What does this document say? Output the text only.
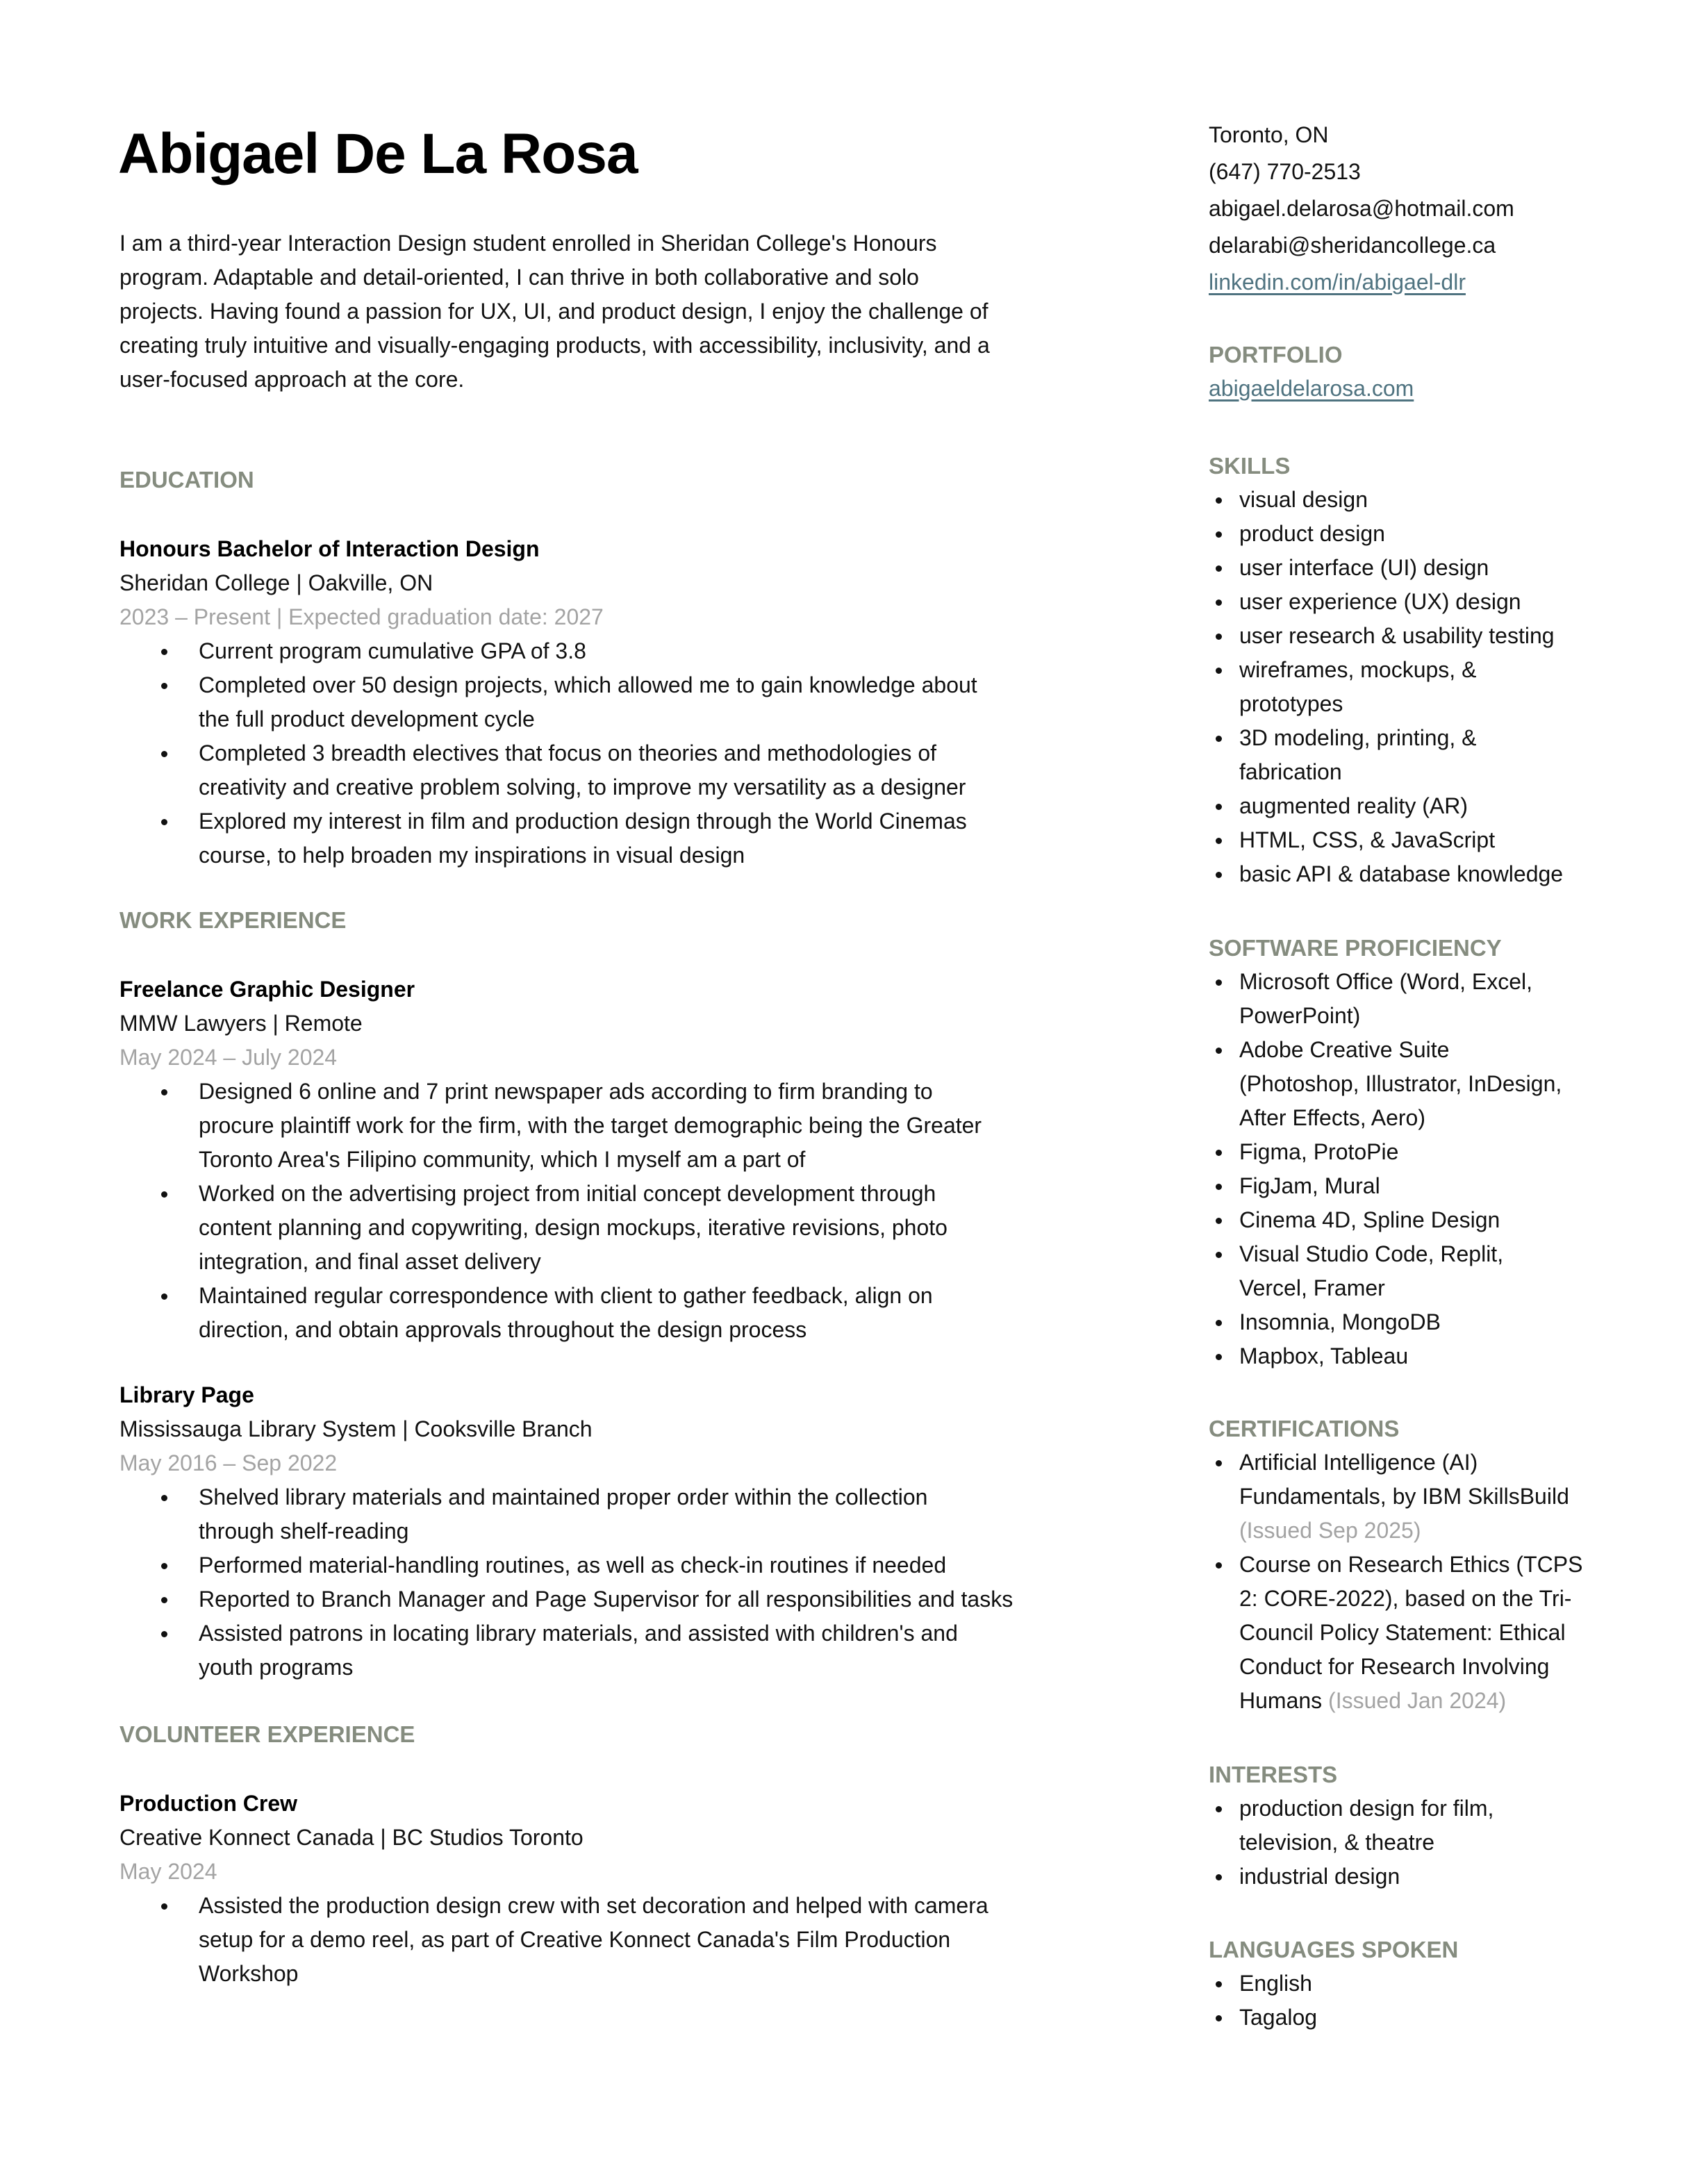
Abigael De La Rosa
I am a third-year Interaction Design student enrolled in Sheridan College's Honours
program. Adaptable and detail-oriented, I can thrive in both collaborative and solo
projects. Having found a passion for UX, UI, and product design, I enjoy the challenge of
creating truly intuitive and visually-engaging products, with accessibility, inclusivity, and a
user-focused approach at the core.
EDUCATION
Honours Bachelor of Interaction Design
Sheridan College | Oakville, ON
2023 – Present | Expected graduation date: 2027
Current program cumulative GPA of 3.8
Completed over 50 design projects, which allowed me to gain knowledge about
the full product development cycle
Completed 3 breadth electives that focus on theories and methodologies of
creativity and creative problem solving, to improve my versatility as a designer
Explored my interest in film and production design through the World Cinemas
course, to help broaden my inspirations in visual design
WORK EXPERIENCE
Freelance Graphic Designer
MMW Lawyers | Remote
May 2024 – July 2024
Designed 6 online and 7 print newspaper ads according to firm branding to
procure plaintiff work for the firm, with the target demographic being the Greater
Toronto Area's Filipino community, which I myself am a part of
Worked on the advertising project from initial concept development through
content planning and copywriting, design mockups, iterative revisions, photo
integration, and final asset delivery
Maintained regular correspondence with client to gather feedback, align on
direction, and obtain approvals throughout the design process
Library Page
Mississauga Library System | Cooksville Branch
May 2016 – Sep 2022
Shelved library materials and maintained proper order within the collection
through shelf-reading
Performed material-handling routines, as well as check-in routines if needed
Reported to Branch Manager and Page Supervisor for all responsibilities and tasks
Assisted patrons in locating library materials, and assisted with children's and
youth programs
VOLUNTEER EXPERIENCE
Production Crew
Creative Konnect Canada | BC Studios Toronto
May 2024
Assisted the production design crew with set decoration and helped with camera
setup for a demo reel, as part of Creative Konnect Canada's Film Production
Workshop
Toronto, ON
(647) 770-2513
abigael.delarosa@hotmail.com
delarabi@sheridancollege.ca
linkedin.com/in/abigael-dlr
PORTFOLIO
abigaeldelarosa.com
SKILLS
visual design
product design
user interface (UI) design
user experience (UX) design
user research & usability testing
wireframes, mockups, &
prototypes
3D modeling, printing, &
fabrication
augmented reality (AR)
HTML, CSS, & JavaScript
basic API & database knowledge
SOFTWARE PROFICIENCY
Microsoft Office (Word, Excel,
PowerPoint)
Adobe Creative Suite
(Photoshop, Illustrator, InDesign,
After Effects, Aero)
Figma, ProtoPie
FigJam, Mural
Cinema 4D, Spline Design
Visual Studio Code, Replit,
Vercel, Framer
Insomnia, MongoDB
Mapbox, Tableau
CERTIFICATIONS
Artificial Intelligence (AI)
Fundamentals, by IBM SkillsBuild
(Issued Sep 2025)
Course on Research Ethics (TCPS
2: CORE-2022), based on the Tri-
Council Policy Statement: Ethical
Conduct for Research Involving
Humans (Issued Jan 2024)
INTERESTS
production design for film,
television, & theatre
industrial design
LANGUAGES SPOKEN
English
Tagalog
